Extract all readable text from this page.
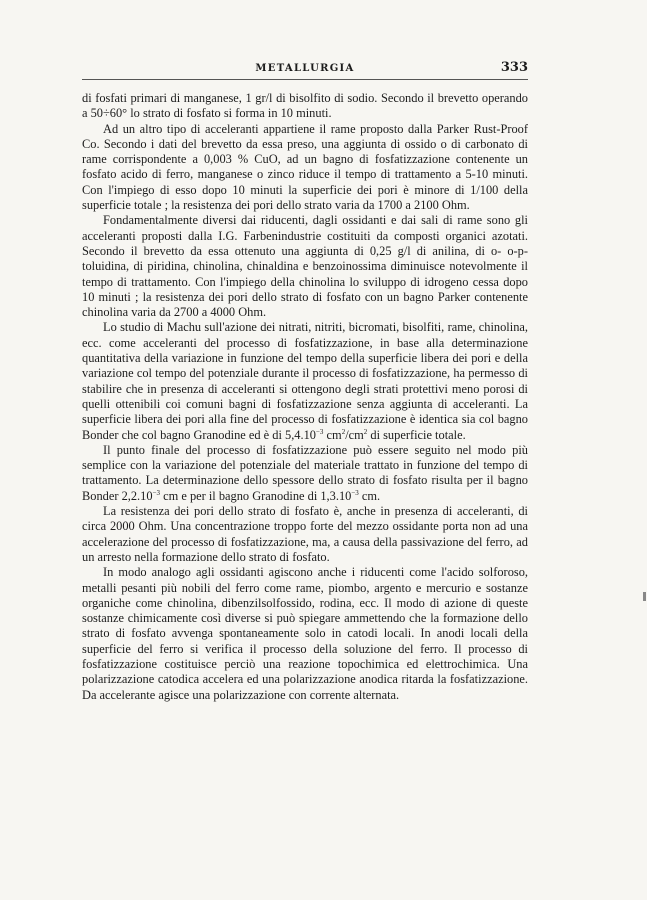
METALLURGIA	333

di fosfati primari di manganese, 1 gr/l di bisolfito di sodio. Secondo il brevetto operando a 50÷60° lo strato di fosfato si forma in 10 minuti.

Ad un altro tipo di acceleranti appartiene il rame proposto dalla Parker Rust-Proof Co. Secondo i dati del brevetto da essa preso, una aggiunta di ossido o di carbonato di rame corrispondente a 0,003 % CuO, ad un bagno di fosfatizzazione contenente un fosfato acido di ferro, manganese o zinco riduce il tempo di trattamento a 5-10 minuti. Con l'impiego di esso dopo 10 minuti la superficie dei pori è minore di 1/100 della superficie totale ; la resistenza dei pori dello strato varia da 1700 a 2100 Ohm.

Fondamentalmente diversi dai riducenti, dagli ossidanti e dai sali di rame sono gli acceleranti proposti dalla I.G. Farbenindustrie costituiti da composti organici azotati. Secondo il brevetto da essa ottenuto una aggiunta di 0,25 g/l di anilina, di o- o-p-toluidina, di piridina, chinolina, chinaldina e benzoinossima diminuisce notevolmente il tempo di trattamento. Con l'impiego della chinolina lo sviluppo di idrogeno cessa dopo 10 minuti ; la resistenza dei pori dello strato di fosfato con un bagno Parker contenente chinolina varia da 2700 a 4000 Ohm.

Lo studio di Machu sull'azione dei nitrati, nitriti, bicromati, bisolfiti, rame, chinolina, ecc. come acceleranti del processo di fosfatizzazione, in base alla determinazione quantitativa della variazione in funzione del tempo della superficie libera dei pori e della variazione col tempo del potenziale durante il processo di fosfatizzazione, ha permesso di stabilire che in presenza di acceleranti si ottengono degli strati protettivi meno porosi di quelli ottenibili coi comuni bagni di fosfatizzazione senza aggiunta di acceleranti. La superficie libera dei pori alla fine del processo di fosfatizzazione è identica sia col bagno Bonder che col bagno Granodine ed è di $5,4.10^{-3}$ $cm^2/cm^2$ di superficie totale.

Il punto finale del processo di fosfatizzazione può essere seguito nel modo più semplice con la variazione del potenziale del materiale trattato in funzione del tempo di trattamento. La determinazione dello spessore dello strato di fosfato risulta per il bagno Bonder $2,2.10^{-3}$ cm e per il bagno Granodine di $1,3.10^{-3}$ cm.

La resistenza dei pori dello strato di fosfato è, anche in presenza di acceleranti, di circa 2000 Ohm. Una concentrazione troppo forte del mezzo ossidante porta non ad una accelerazione del processo di fosfatizzazione, ma, a causa della passivazione del ferro, ad un arresto nella formazione dello strato di fosfato.

In modo analogo agli ossidanti agiscono anche i riducenti come l'acido solforoso, metalli pesanti più nobili del ferro come rame, piombo, argento e mercurio e sostanze organiche come chinolina, dibenzilsolfossido, rodina, ecc. Il modo di azione di queste sostanze chimicamente così diverse si può spiegare ammettendo che la formazione dello strato di fosfato avvenga spontaneamente solo in catodi locali. In anodi locali della superficie del ferro si verifica il processo della soluzione del ferro. Il processo di fosfatizzazione costituisce perciò una reazione topochimica ed elettrochimica. Una polarizzazione catodica accelera ed una polarizzazione anodica ritarda la fosfatizzazione. Da accelerante agisce una polarizzazione con corrente alternata.
